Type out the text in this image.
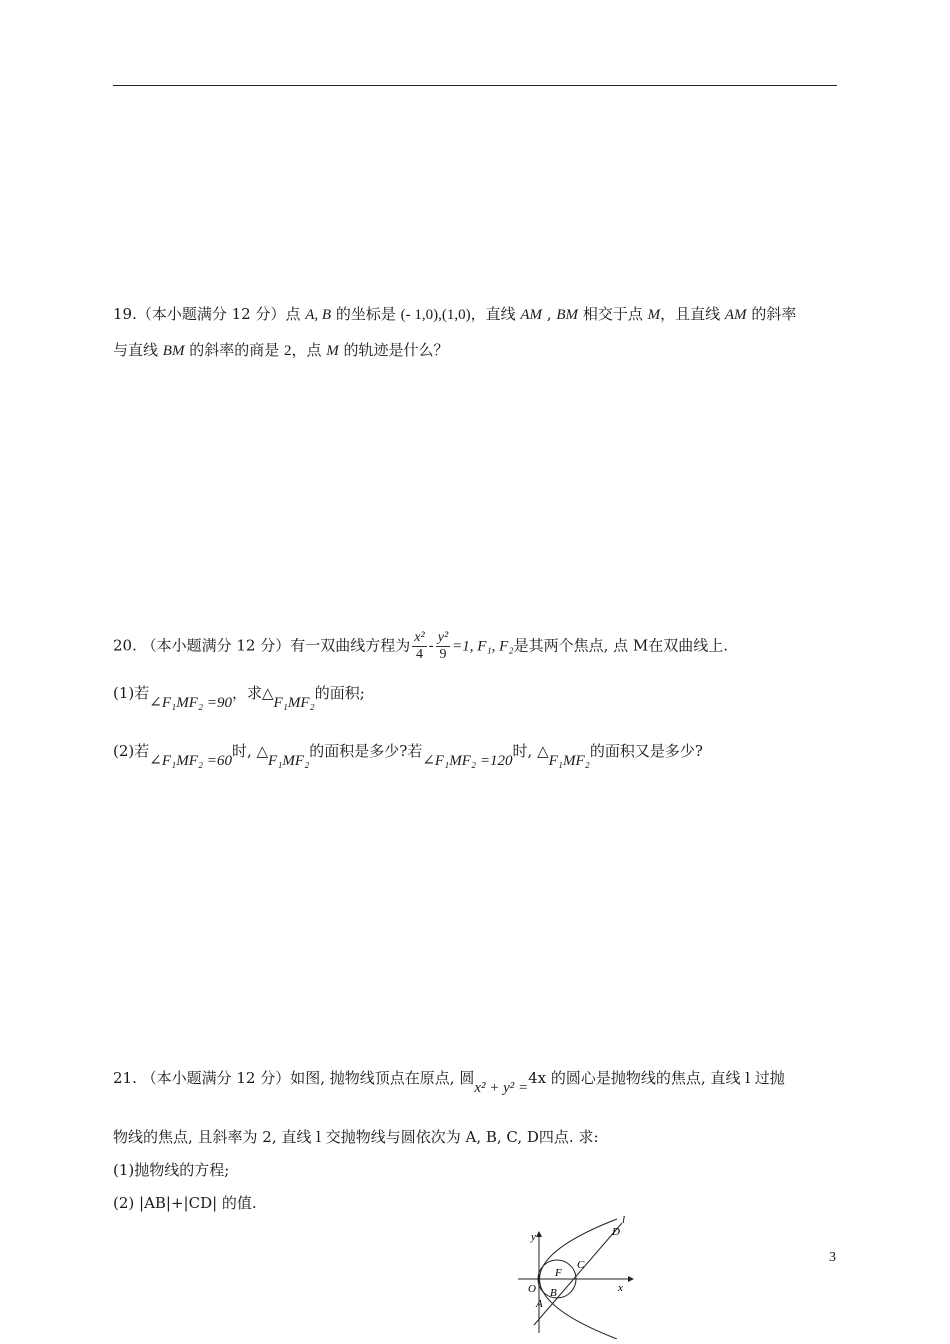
19.（本小题满分 12 分）点 A, B 的坐标是 (- 1,0),(1,0)，直线 AM , BM 相交于点 M，且直线 AM 的斜率
与直线 BM 的斜率的商是 2，点 M 的轨迹是什么？
20. （本小题满分 12 分）有一双曲线方程为 $\frac{\text{x²}}{4} - \frac{\text{y²}}{9} =1$, F₁, F₂是其两个焦点, 点 M在双曲线上.
(1)若∠F₁MF₂ =90，求△F₁MF₂的面积;
(2)若∠F₁MF₂ =60时, △F₁MF₂的面积是多少?若∠F₁MF₂ =120时, △F₁MF₂的面积又是多少?
21. （本小题满分 12 分）如图, 抛物线顶点在原点, 圆x² + y² =4x 的圆心是抛物线的焦点, 直线 l 过抛
物线的焦点, 且斜率为 2, 直线 l 交抛物线与圆依次为 A, B, C, D四点. 求:
(1)抛物线的方程;
(2) |AB|+|CD| 的值.
3
y
x
l
D
C
F
O B
A
